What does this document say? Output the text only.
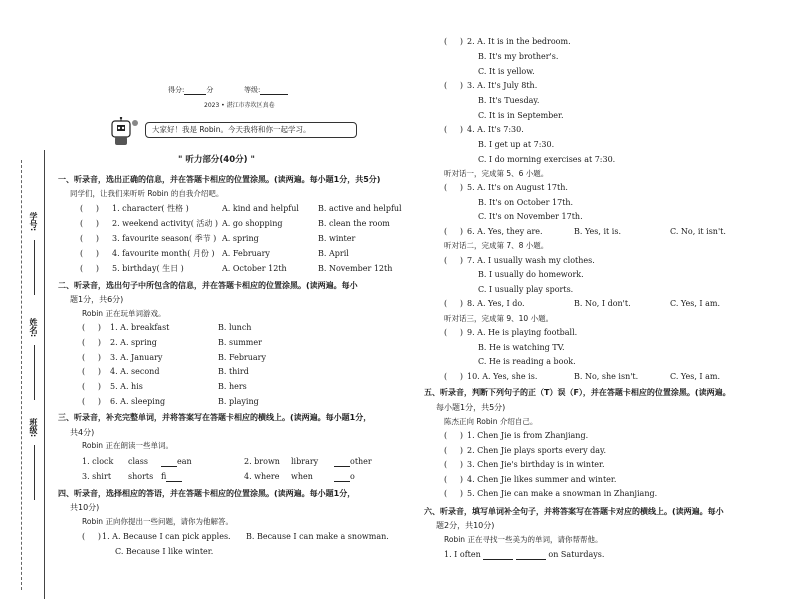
学号:
姓名:
班级:
得分:	分	等级:
2023 • 湛江市赤坎区真卷
大家好！我是 Robin。今天我将和你一起学习。
" 听力部分(40分) "
一、听录音，选出正确的信息，并在答题卡相应的位置涂黑。(读两遍。每小题1分，共5分)
同学们，让我们来听听 Robin 的自我介绍吧。
(     ) 1. character( 性格 )	A. kind and helpful B. active and helpful
(     ) 2. weekend activity( 活动 ) A. go shopping	B. clean the room
(     ) 3. favourite season( 季节 ) A. spring	B. winter
(     ) 4. favourite month( 月份 ) A. February	B. April
(     ) 5. birthday( 生日 )	A. October 12th	B. November 12th
二、听录音，选出句子中所包含的信息，并在答题卡相应的位置涂黑。(读两遍。每小
题1分，共6分)
Robin 正在玩单词游戏。
(     ) 1. A. breakfast	B. lunch
(     ) 2. A. spring	B. summer
(     ) 3. A. January	B. February
(     ) 4. A. second	B. third
(     ) 5. A. his	B. hers
(     ) 6. A. sleeping	B. playing
三、听录音，补充完整单词，并将答案写在答题卡相应的横线上。(读两遍。每小题1分，
共4分)
Robin 正在朗读一些单词。
1. clock class	ean	2. brown library	other
3. shirt shorts fi	4. where when	o
四、听录音，选择相应的答语，并在答题卡相应的位置涂黑。(读两遍。每小题1分，
共10分)
Robin 正向你提出一些问题，请你为他解答。
(     ) 1. A. Because I can pick apples. B. Because I can make a snowman.
C. Because I like winter.
(     ) 2. A. It is in the bedroom.
B. It's my brother's.
C. It is yellow.
(     ) 3. A. It's July 8th.
B. It's Tuesday.
C. It is in September.
(     ) 4. A. It's 7:30.
B. I get up at 7:30.
C. I do morning exercises at 7:30.
听对话一，完成第 5、6 小题。
(     ) 5. A. It's on August 17th.
B. It's on October 17th.
C. It's on November 17th.
(     ) 6. A. Yes, they are.	B. Yes, it is.	C. No, it isn't.
听对话二，完成第 7、8 小题。
(     ) 7. A. I usually wash my clothes.
B. I usually do homework.
C. I usually play sports.
(     ) 8. A. Yes, I do.	B. No, I don't.	C. Yes, I am.
听对话三，完成第 9、10 小题。
(     ) 9. A. He is playing football.
B. He is watching TV.
C. He is reading a book.
(     ) 10. A. Yes, she is.	B. No, she isn't.	C. Yes, I am.
五、听录音，判断下列句子的正（T）误（F），并在答题卡相应的位置涂黑。(读两遍。
每小题1分，共5分)
陈杰正向 Robin 介绍自己。
(     ) 1. Chen Jie is from Zhanjiang.
(     ) 2. Chen Jie plays sports every day.
(     ) 3. Chen Jie's birthday is in winter.
(     ) 4. Chen Jie likes summer and winter.
(     ) 5. Chen Jie can make a snowman in Zhanjiang.
六、听录音，填写单词补全句子，并将答案写在答题卡对应的横线上。(读两遍。每小
题2分，共10分)
Robin 正在寻找一些美为的单词，请你帮帮他。
1. I often	on Saturdays.
